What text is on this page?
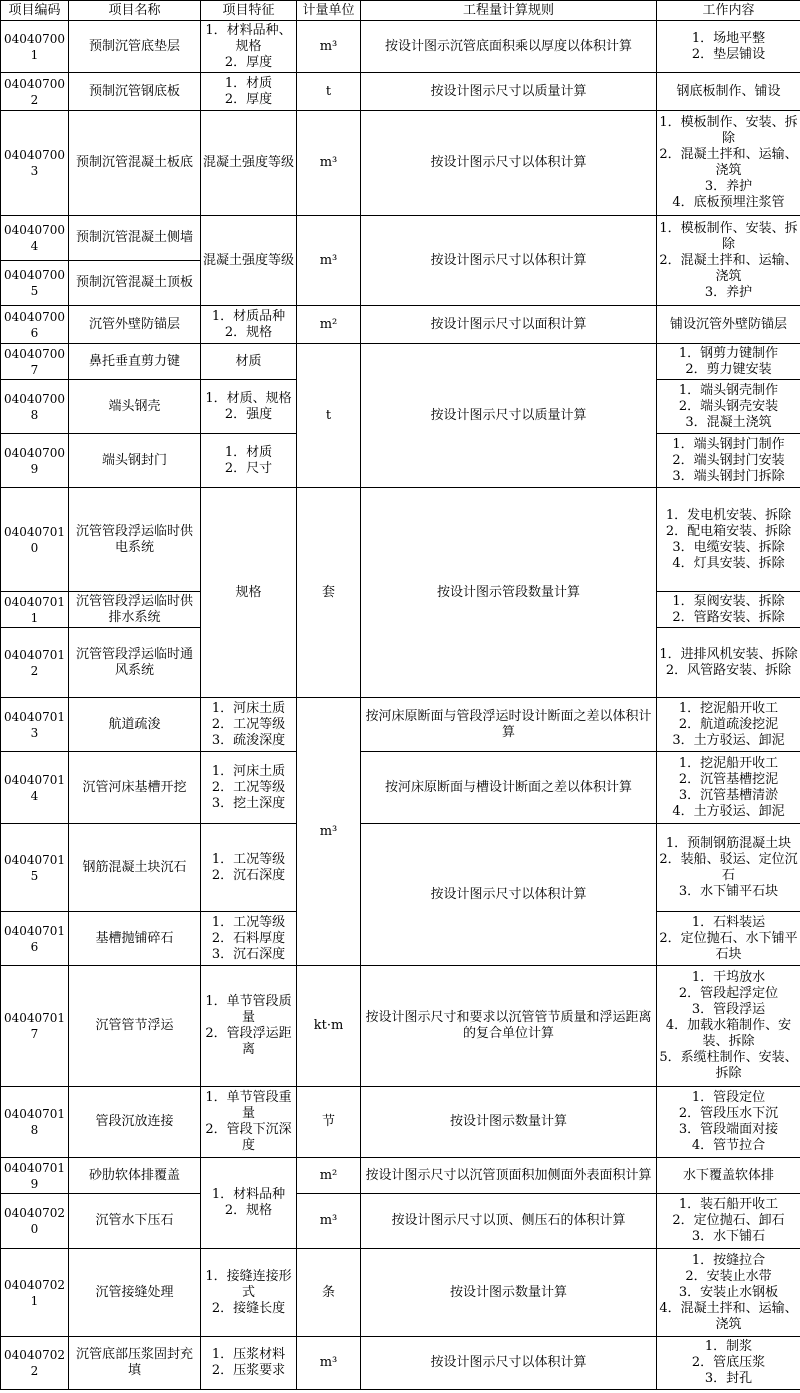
项目编码	项目名称	项目特征	计量单位	工程量计算规则	工作内容
040407001	预制沉管底垫层	1．材料品种、规格
2．厚度	m³	按设计图示沉管底面积乘以厚度以体积计算	1．场地平整
2．垫层铺设

040407002	预制沉管钢底板	1．材质
2．厚度	t	按设计图示尺寸以质量计算	钢底板制作、铺设
040407003	预制沉管混凝土板底	混凝土强度等级	m³	按设计图示尺寸以体积计算	1．模板制作、安装、拆除
2．混凝土拌和、运输、浇筑
3．养护
4．底板预埋注浆管

040407004	预制沉管混凝土侧墙	混凝土强度等级	m³	按设计图示尺寸以体积计算	1．模板制作、安装、拆除
2．混凝土拌和、运输、浇筑
3．养护

040407005	预制沉管混凝土顶板				
040407006	沉管外壁防锚层	1．材质品种
2．规格	m²	按设计图示尺寸以面积计算	铺设沉管外壁防锚层
040407007	鼻托垂直剪力键	材质	t	按设计图示尺寸以质量计算	1．钢剪力键制作
2．剪力键安装

040407008	端头钢壳	1．材质、规格
2．强度			1．端头钢壳制作
2．端头钢壳安装
3．混凝土浇筑

040407009	端头钢封门	1．材质
2．尺寸			1．端头钢封门制作
2．端头钢封门安装
3．端头钢封门拆除

040407010	沉管管段浮运临时供电系统	规格	套	按设计图示管段数量计算	1．发电机安装、拆除
2．配电箱安装、拆除
3．电缆安装、拆除
4．灯具安装、拆除

040407011	沉管管段浮运临时供排水系统				1．泵阀安装、拆除
2．管路安装、拆除

040407012	沉管管段浮运临时通风系统				1．进排风机安装、拆除
2．风管路安装、拆除

040407013	航道疏浚	1．河床土质
2．工况等级
3．疏浚深度	m³	按河床原断面与管段浮运时设计断面之差以体积计算	1．挖泥船开收工
2．航道疏浚挖泥
3．土方驳运、卸泥

040407014	沉管河床基槽开挖	1．河床土质
2．工况等级
3．挖土深度		按河床原断面与槽设计断面之差以体积计算	1．挖泥船开收工
2．沉管基槽挖泥
3．沉管基槽清淤
4．土方驳运、卸泥

040407015	钢筋混凝土块沉石	1．工况等级
2．沉石深度		按设计图示尺寸以体积计算	1．预制钢筋混凝土块
2．装船、驳运、定位沉石
3．水下铺平石块

040407016	基槽抛铺碎石	1．工况等级
2．石料厚度
3．沉石深度			1．石料装运
2．定位抛石、水下铺平石块

040407017	沉管管节浮运	1．单节管段质量
2．管段浮运距离	kt·m	按设计图示尺寸和要求以沉管管节质量和浮运距离的复合单位计算	1．干坞放水
2．管段起浮定位
3．管段浮运
4．加载水箱制作、安装、拆除
5．系缆柱制作、安装、拆除

040407018	管段沉放连接	1．单节管段重量
2．管段下沉深度	节	按设计图示数量计算	1．管段定位
2．管段压水下沉
3．管段端面对接
4．管节拉合

040407019	砂肋软体排覆盖	1．材料品种
2．规格	m²	按设计图示尺寸以沉管顶面积加侧面外表面积计算	水下覆盖软体排
040407020	沉管水下压石		m³	按设计图示尺寸以顶、侧压石的体积计算	1．装石船开收工
2．定位抛石、卸石
3．水下铺石

040407021	沉管接缝处理	1．接缝连接形式
2．接缝长度	条	按设计图示数量计算	1．按缝拉合
2．安装止水带
3．安装止水钢板
4．混凝土拌和、运输、浇筑

040407022	沉管底部压浆固封充填	1．压浆材料
2．压浆要求	m³	按设计图示尺寸以体积计算	1．制浆
2．管底压浆
3．封孔
